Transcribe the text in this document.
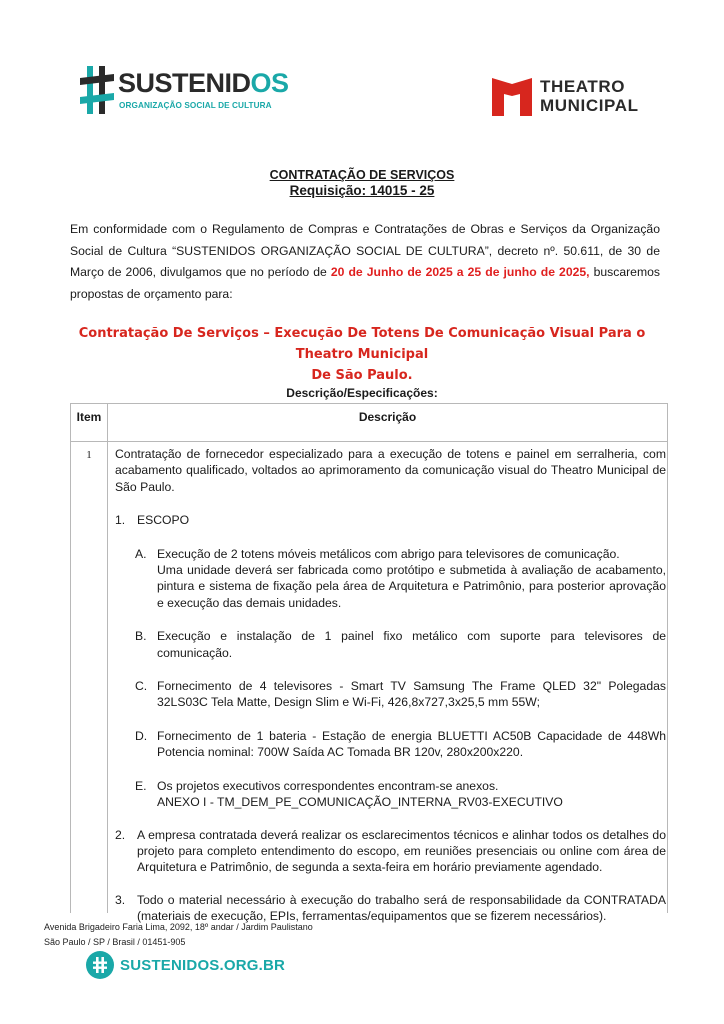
SUSTENIDOS
ORGANIZAÇÃO SOCIAL DE CULTURA
THEATRO
MUNICIPAL
CONTRATAÇÃO DE SERVIÇOS
Requisição: 14015 - 25
Em conformidade com o Regulamento de Compras e Contratações de Obras e Serviços da Organização Social de Cultura “SUSTENIDOS ORGANIZAÇÃO SOCIAL DE CULTURA”, decreto nº. 50.611, de 30 de Março de 2006, divulgamos que no período de 20 de Junho de 2025 a 25 de junho de 2025, buscaremos propostas de orçamento para:
Contratação De Serviços – Execução De Totens De Comunicação Visual Para o Theatro Municipal
De São Paulo.
Descrição/Especificações:
Item	Descrição
1	Contratação de fornecedor especializado para a execução de totens e painel em serralheria, com acabamento qualificado, voltados ao aprimoramento da comunicação visual do Theatro Municipal de São Paulo.

1. ESCOPO

A. Execução de 2 totens móveis metálicos com abrigo para televisores de comunicação.
Uma unidade deverá ser fabricada como protótipo e submetida à avaliação de acabamento, pintura e sistema de fixação pela área de Arquitetura e Patrimônio, para posterior aprovação e execução das demais unidades.

B. Execução e instalação de 1 painel fixo metálico com suporte para televisores de comunicação.

C. Fornecimento de 4 televisores - Smart TV Samsung The Frame QLED 32" Polegadas 32LS03C Tela Matte, Design Slim e Wi-Fi, 426,8x727,3x25,5 mm 55W;

D. Fornecimento de 1 bateria - Estação de energia BLUETTI AC50B Capacidade de 448Wh Potencia nominal: 700W Saída AC Tomada BR 120v, 280x200x220.

E. Os projetos executivos correspondentes encontram-se anexos.
ANEXO I - TM_DEM_PE_COMUNICAÇÃO_INTERNA_RV03-EXECUTIVO

2. A empresa contratada deverá realizar os esclarecimentos técnicos e alinhar todos os detalhes do projeto para completo entendimento do escopo, em reuniões presenciais ou online com área de Arquitetura e Patrimônio, de segunda a sexta-feira em horário previamente agendado.

3. Todo o material necessário à execução do trabalho será de responsabilidade da CONTRATADA (materiais de execução, EPIs, ferramentas/equipamentos que se fizerem necessários).

Avenida Brigadeiro Faria Lima, 2092, 18º andar / Jardim Paulistano
São Paulo / SP / Brasil / 01451-905
SUSTENIDOS.ORG.BR
